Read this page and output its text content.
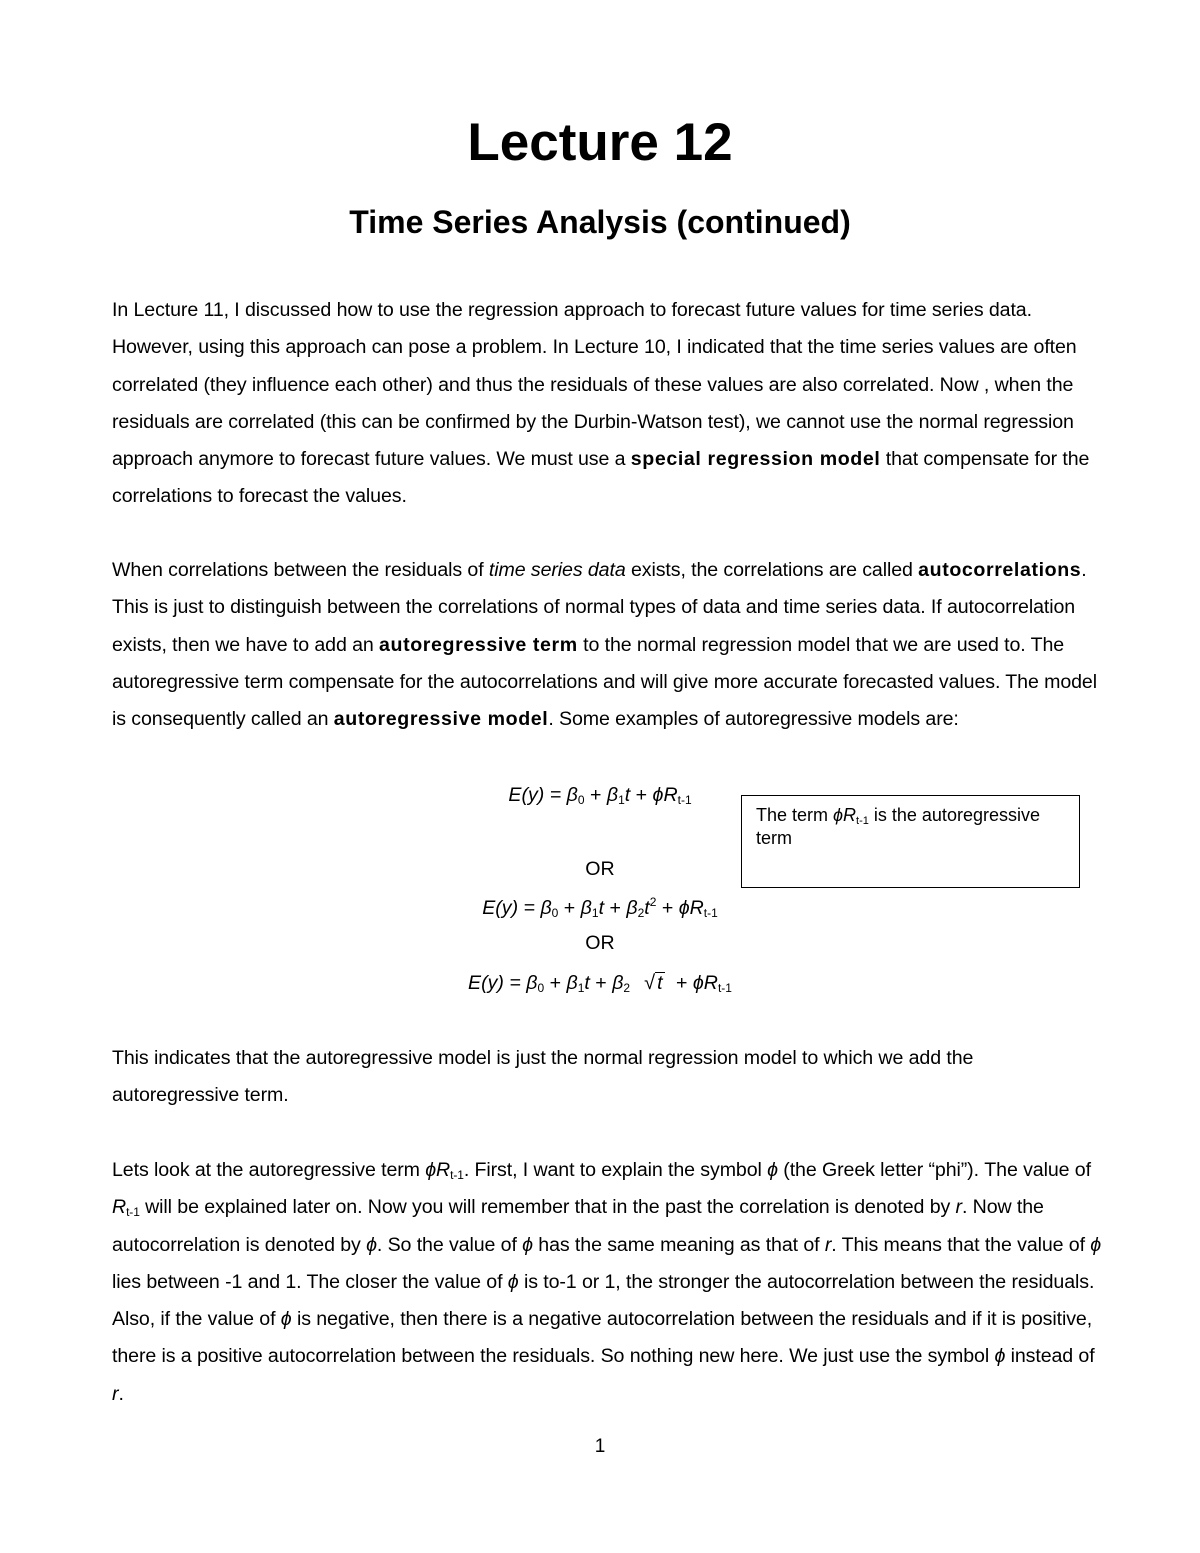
Lecture 12
Time Series Analysis (continued)

In Lecture 11, I discussed how to use the regression approach to forecast future values for time series data. However, using this approach can pose a problem. In Lecture 10, I indicated that the time series values are often correlated (they influence each other) and thus the residuals of these values are also correlated. Now , when the residuals are correlated (this can be confirmed by the Durbin-Watson test), we cannot use the normal regression approach anymore to forecast future values. We must use a special regression model that compensate for the correlations to forecast the values.

When correlations between the residuals of time series data exists, the correlations are called autocorrelations. This is just to distinguish between the correlations of normal types of data and time series data. If autocorrelation exists, then we have to add an autoregressive term to the normal regression model that we are used to. The autoregressive term compensate for the autocorrelations and will give more accurate forecasted values. The model is consequently called an autoregressive model. Some examples of autoregressive models are:

$E(y) = \beta_0 + \beta_1t + \phi R_{t-1}$
OR
$E(y) = \beta_0 + \beta_1t + \beta_2t^2 + \phi R_{t-1}$
OR
$E(y) = \beta_0 + \beta_1t + \beta_2$ √ $t + \phi R_{t-1}$
The term $\phi R_{t-1}$ is the autoregressive term

This indicates that the autoregressive model is just the normal regression model to which we add the autoregressive term.

Lets look at the autoregressive term $\phi R_{t-1}$. First, I want to explain the symbol ϕ (the Greek letter “phi”). The value of $R_{t-1}$ will be explained later on. Now you will remember that in the past the correlation is denoted by r. Now the autocorrelation is denoted by ϕ. So the value of ϕ has the same meaning as that of r. This means that the value of ϕ lies between -1 and 1. The closer the value of ϕ is to-1 or 1, the stronger the autocorrelation between the residuals. Also, if the value of ϕ is negative, then there is a negative autocorrelation between the residuals and if it is positive, there is a positive autocorrelation between the residuals. So nothing new here. We just use the symbol ϕ instead of r.

1
